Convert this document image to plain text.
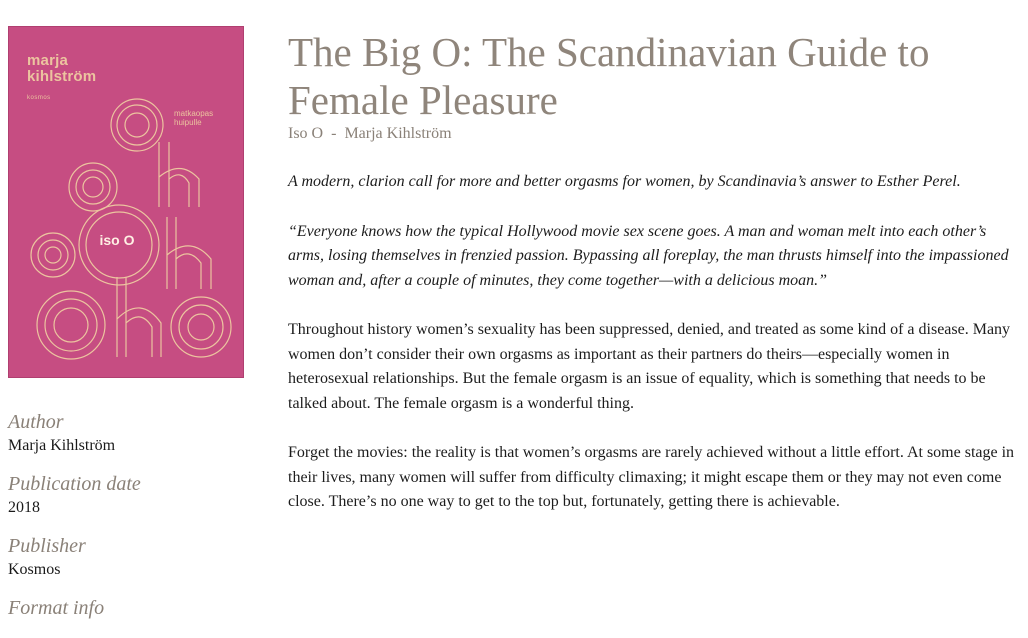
marja
kihlström
kosmos
matkaopas
huipulle
iso O

Author

Marja Kihlström

Publication date

2018

Publisher

Kosmos

Format info

The Big O: The Scandinavian Guide to Female Pleasure

Iso O - Marja Kihlström

A modern, clarion call for more and better orgasms for women, by Scandinavia’s answer to Esther Perel.

“Everyone knows how the typical Hollywood movie sex scene goes. A man and woman melt into each other’s arms, losing themselves in frenzied passion. Bypassing all foreplay, the man thrusts himself into the impassioned woman and, after a couple of minutes, they come together—with a delicious moan.”

Throughout history women’s sexuality has been suppressed, denied, and treated as some kind of a disease. Many women don’t consider their own orgasms as important as their partners do theirs—especially women in heterosexual relationships. But the female orgasm is an issue of equality, which is something that needs to be talked about. The female orgasm is a wonderful thing.

Forget the movies: the reality is that women’s orgasms are rarely achieved without a little effort. At some stage in their lives, many women will suffer from difficulty climaxing; it might escape them or they may not even come close. There’s no one way to get to the top but, fortunately, getting there is achievable.
